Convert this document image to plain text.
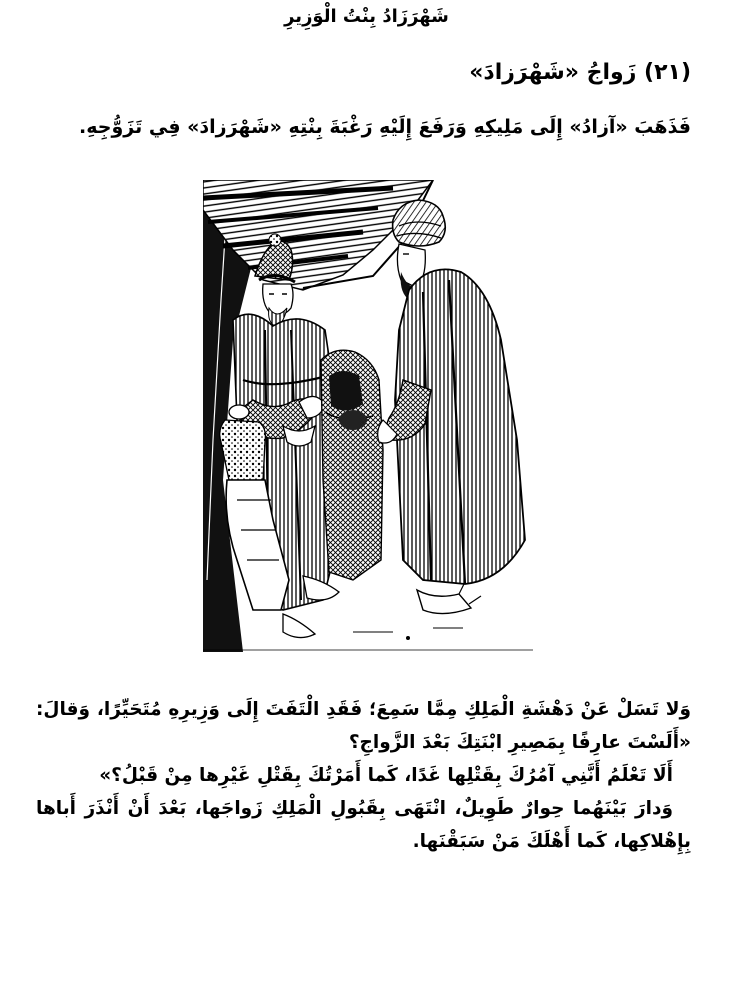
شَهْرَزَادُ بِنْتُ الْوَزِيرِ
(٢١) زَواجُ «شَهْرَزادَ»
فَذَهَبَ «آزادُ» إِلَى مَلِيكِهِ وَرَفَعَ إِلَيْهِ رَغْبَةَ بِنْتِهِ «شَهْرَزادَ» فِي تَزَوُّجِهِ.

وَلا تَسَلْ عَنْ دَهْشَةِ الْمَلِكِ مِمَّا سَمِعَ؛ فَقَدِ الْتَفَتَ إِلَى وَزِيرِهِ مُتَحَيِّرًا، وَقالَ: «أَلَسْتَ عارِفًا بِمَصِيرِ ابْنَتِكَ بَعْدَ الزَّواجِ؟

أَلَا تَعْلَمُ أَنَّنِي آمُرُكَ بِقَتْلِها غَدًا، كَما أَمَرْتُكَ بِقَتْلِ غَيْرِها مِنْ قَبْلُ؟»

وَدارَ بَيْنَهُما حِوارٌ طَوِيلٌ، انْتَهَى بِقَبُولِ الْمَلِكِ زَواجَها، بَعْدَ أَنْ أَنْذَرَ أَباها بِإِهْلاكِها، كَما أَهْلَكَ مَنْ سَبَقْنَها.
